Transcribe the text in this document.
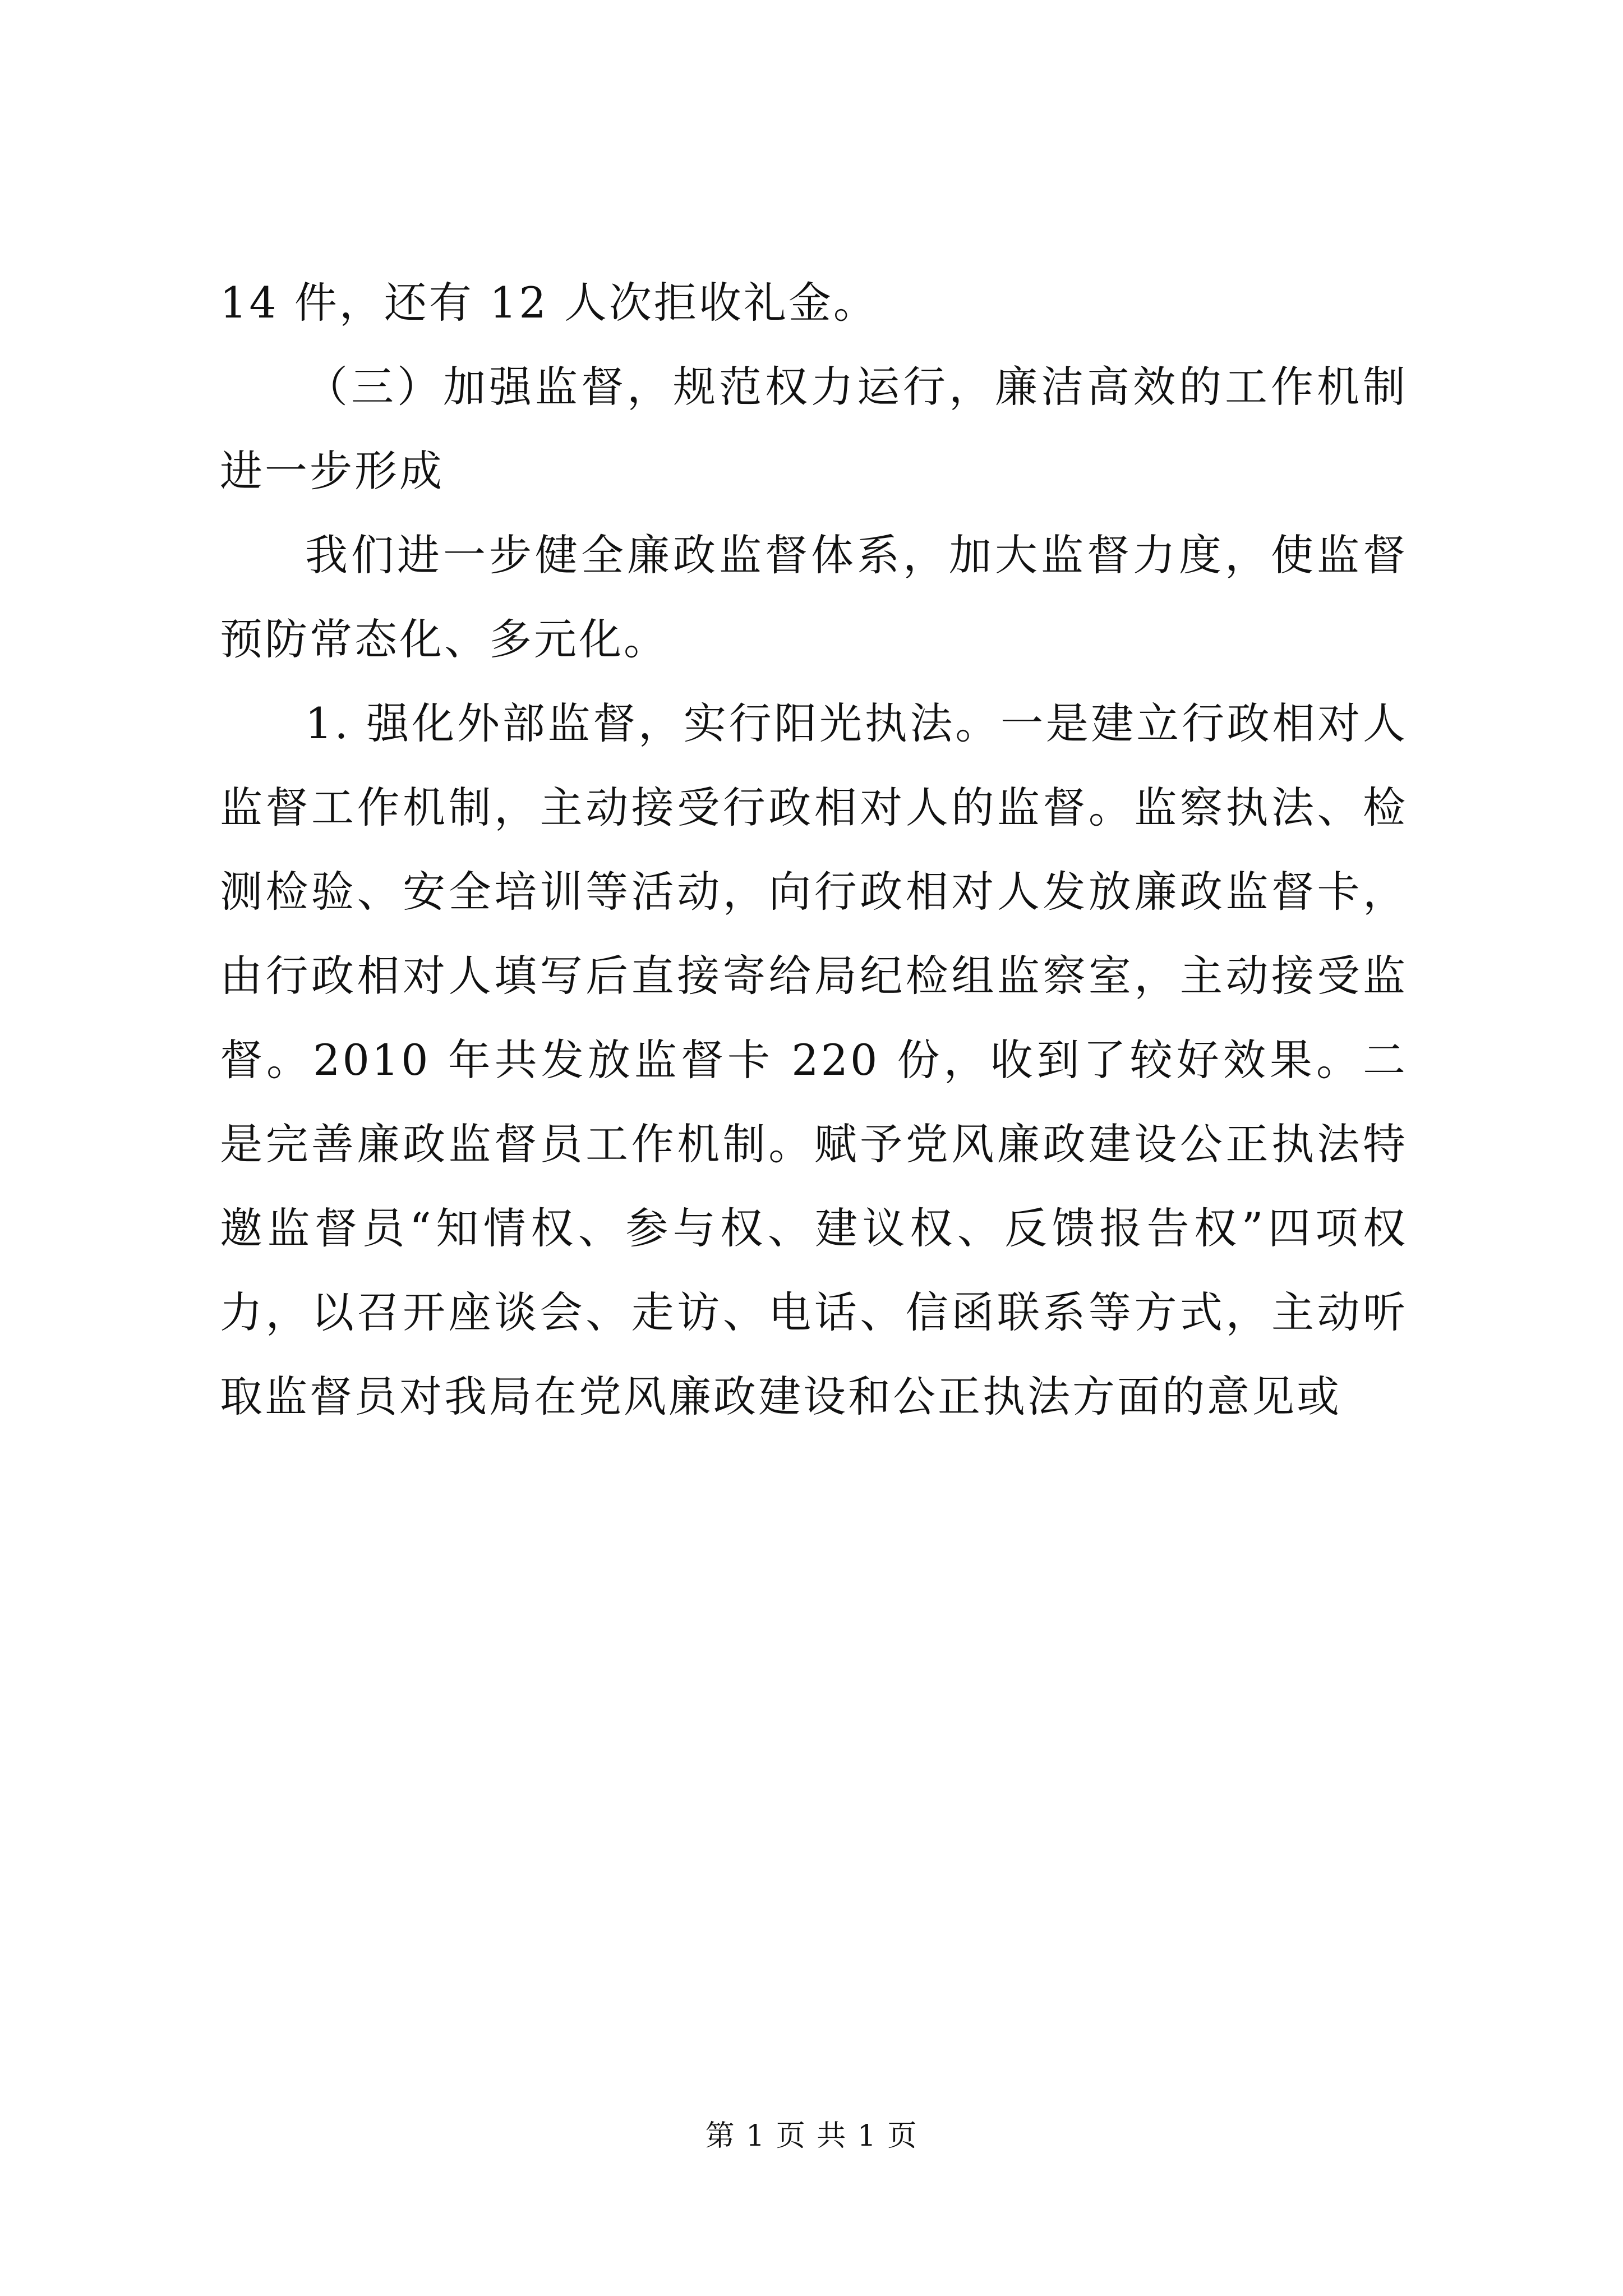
14 件，还有 12 人次拒收礼金。

（三）加强监督，规范权力运行，廉洁高效的工作机制进一步形成

我们进一步健全廉政监督体系，加大监督力度，使监督预防常态化、多元化。

1. 强化外部监督，实行阳光执法。一是建立行政相对人监督工作机制，主动接受行政相对人的监督。监察执法、检测检验、安全培训等活动，向行政相对人发放廉政监督卡，由行政相对人填写后直接寄给局纪检组监察室，主动接受监督。2010 年共发放监督卡 220 份，收到了较好效果。二是完善廉政监督员工作机制。赋予党风廉政建设公正执法特邀监督员“知情权、参与权、建议权、反馈报告权”四项权力，以召开座谈会、走访、电话、信函联系等方式，主动听取监督员对我局在党风廉政建设和公正执法方面的意见或

第 1 页 共 1 页
